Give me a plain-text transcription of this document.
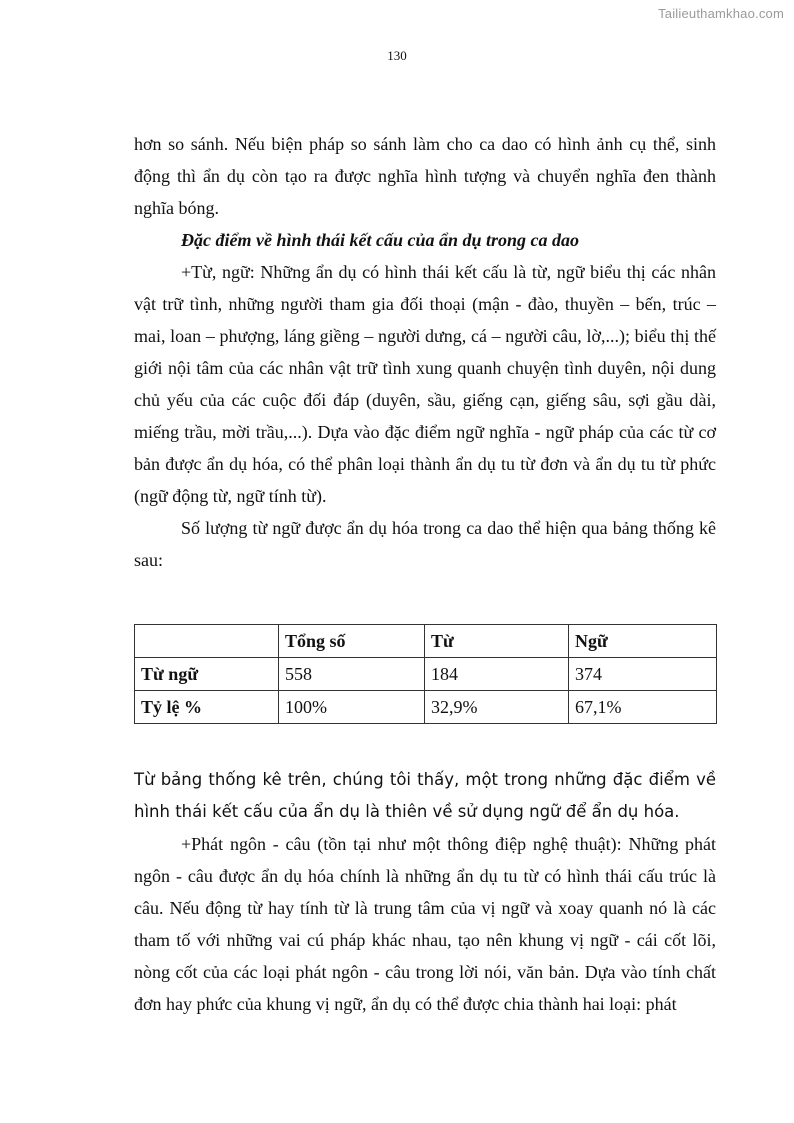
Tailieuthamkhao.com
130

hơn so sánh. Nếu biện pháp so sánh làm cho ca dao có hình ảnh cụ thể, sinh động thì ẩn dụ còn tạo ra được nghĩa hình tượng và chuyển nghĩa đen thành nghĩa bóng.

Đặc điểm về hình thái kết cấu của ẩn dụ trong ca dao

+Từ, ngữ: Những ẩn dụ có hình thái kết cấu là từ, ngữ biểu thị các nhân vật trữ tình, những người tham gia đối thoại (mận - đào, thuyền – bến, trúc – mai, loan – phượng, láng giềng – người dưng, cá – người câu, lờ,...); biểu thị thế giới nội tâm của các nhân vật trữ tình xung quanh chuyện tình duyên, nội dung chủ yếu của các cuộc đối đáp (duyên, sầu, giếng cạn, giếng sâu, sợi gầu dài, miếng trầu, mời trầu,...). Dựa vào đặc điểm ngữ nghĩa - ngữ pháp của các từ cơ bản được ẩn dụ hóa, có thể phân loại thành ẩn dụ tu từ đơn và ẩn dụ tu từ phức (ngữ động từ, ngữ tính từ).

Số lượng từ ngữ được ẩn dụ hóa trong ca dao thể hiện qua bảng thống kê sau:

	Tổng số	Từ	Ngữ
Từ ngữ	558	184	374
Tỷ lệ %	100%	32,9%	67,1%

Từ bảng thống kê trên, chúng tôi thấy, một trong những đặc điểm về hình thái kết cấu của ẩn dụ là thiên về sử dụng ngữ để ẩn dụ hóa.

+Phát ngôn - câu (tồn tại như một thông điệp nghệ thuật): Những phát ngôn - câu được ẩn dụ hóa chính là những ẩn dụ tu từ có hình thái cấu trúc là câu. Nếu động từ hay tính từ là trung tâm của vị ngữ và xoay quanh nó là các tham tố với những vai cú pháp khác nhau, tạo nên khung vị ngữ - cái cốt lõi, nòng cốt của các loại phát ngôn - câu trong lời nói, văn bản. Dựa vào tính chất đơn hay phức của khung vị ngữ, ẩn dụ có thể được chia thành hai loại: phát
